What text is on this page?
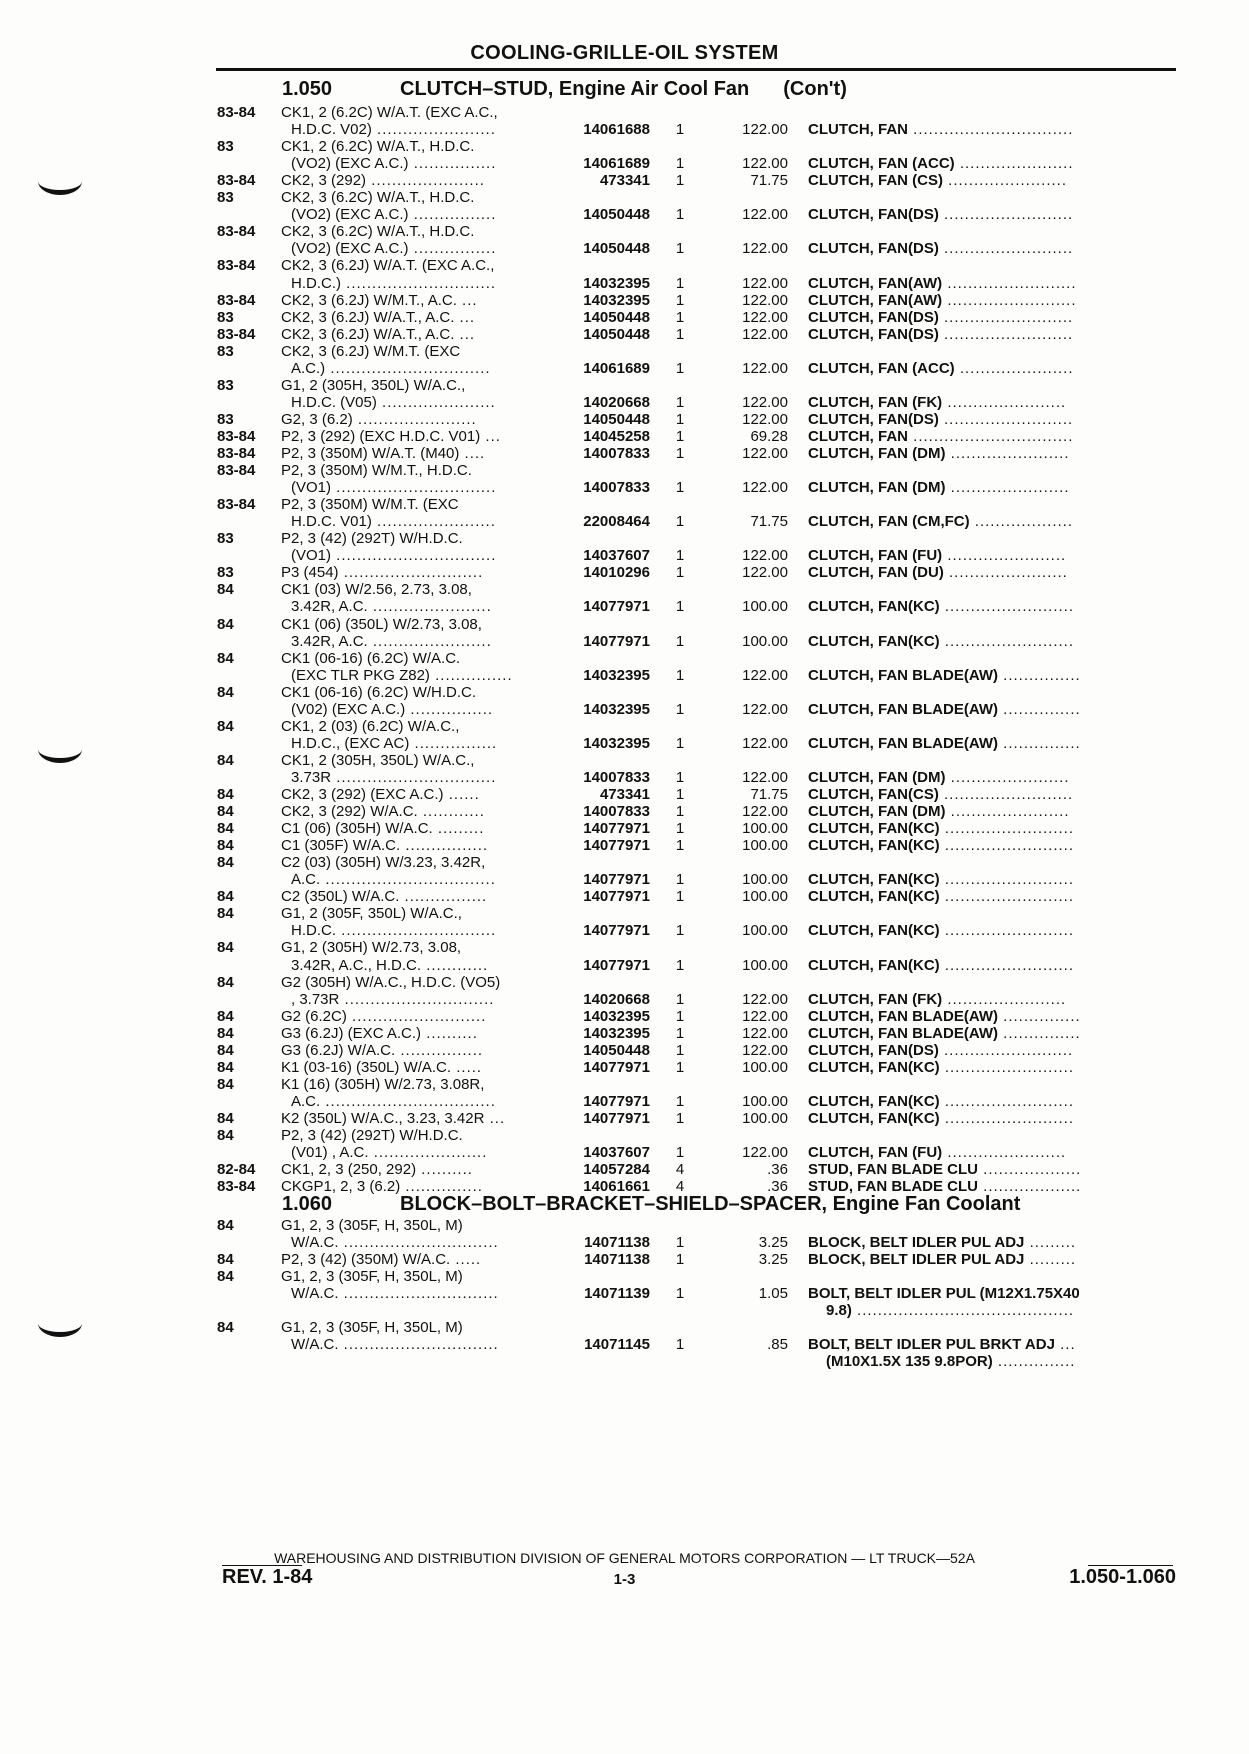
COOLING-GRILLE-OIL SYSTEM
1.050	CLUTCH–STUD, Engine Air Cool Fan (Con't)
83-84 CK1, 2 (6.2C) W/A.T. (EXC A.C.,
H.D.C. V02) .......................	14061688 1	122.00 CLUTCH, FAN ...............................
83	CK1, 2 (6.2C) W/A.T., H.D.C.
(VO2) (EXC A.C.) ................	14061689 1	122.00 CLUTCH, FAN (ACC) ......................
83-84 CK2, 3 (292) ......................	473341 1	71.75 CLUTCH, FAN (CS) .......................
83	CK2, 3 (6.2C) W/A.T., H.D.C.
(VO2) (EXC A.C.) ................	14050448 1	122.00 CLUTCH, FAN(DS) .........................
83-84 CK2, 3 (6.2C) W/A.T., H.D.C.
(VO2) (EXC A.C.) ................	14050448 1	122.00 CLUTCH, FAN(DS) .........................
83-84 CK2, 3 (6.2J) W/A.T. (EXC A.C.,
H.D.C.) .............................	14032395 1	122.00 CLUTCH, FAN(AW) .........................
83-84 CK2, 3 (6.2J) W/M.T., A.C. ...	14032395 1	122.00 CLUTCH, FAN(AW) .........................
83	CK2, 3 (6.2J) W/A.T., A.C. ...	14050448 1	122.00 CLUTCH, FAN(DS) .........................
83-84 CK2, 3 (6.2J) W/A.T., A.C. ...	14050448 1	122.00 CLUTCH, FAN(DS) .........................
83	CK2, 3 (6.2J) W/M.T. (EXC
A.C.) ...............................	14061689 1	122.00 CLUTCH, FAN (ACC) ......................
83	G1, 2 (305H, 350L) W/A.C.,
H.D.C. (V05) ......................	14020668 1	122.00 CLUTCH, FAN (FK) .......................
83	G2, 3 (6.2) .......................	14050448 1	122.00 CLUTCH, FAN(DS) .........................
83-84 P2, 3 (292) (EXC H.D.C. V01) ...	14045258 1	69.28 CLUTCH, FAN ...............................
83-84 P2, 3 (350M) W/A.T. (M40) ....	14007833 1	122.00 CLUTCH, FAN (DM) .......................
83-84 P2, 3 (350M) W/M.T., H.D.C.
(VO1) ...............................	14007833 1	122.00 CLUTCH, FAN (DM) .......................
83-84 P2, 3 (350M) W/M.T. (EXC
H.D.C. V01) .......................	22008464 1	71.75 CLUTCH, FAN (CM,FC) ...................
83	P2, 3 (42) (292T) W/H.D.C.
(VO1) ...............................	14037607 1	122.00 CLUTCH, FAN (FU) .......................
83	P3 (454) ...........................	14010296 1	122.00 CLUTCH, FAN (DU) .......................
84	CK1 (03) W/2.56, 2.73, 3.08,
3.42R, A.C. .......................	14077971 1	100.00 CLUTCH, FAN(KC) .........................
84	CK1 (06) (350L) W/2.73, 3.08,
3.42R, A.C. .......................	14077971 1	100.00 CLUTCH, FAN(KC) .........................
84	CK1 (06-16) (6.2C) W/A.C.
(EXC TLR PKG Z82) ...............	14032395 1	122.00 CLUTCH, FAN BLADE(AW) ...............
84	CK1 (06-16) (6.2C) W/H.D.C.
(V02) (EXC A.C.) ................	14032395 1	122.00 CLUTCH, FAN BLADE(AW) ...............
84	CK1, 2 (03) (6.2C) W/A.C.,
H.D.C., (EXC AC) ................	14032395 1	122.00 CLUTCH, FAN BLADE(AW) ...............
84	CK1, 2 (305H, 350L) W/A.C.,
3.73R ...............................	14007833 1	122.00 CLUTCH, FAN (DM) .......................
84	CK2, 3 (292) (EXC A.C.) ......	473341 1	71.75 CLUTCH, FAN(CS) .........................
84	CK2, 3 (292) W/A.C. ............	14007833 1	122.00 CLUTCH, FAN (DM) .......................
84	C1 (06) (305H) W/A.C. .........	14077971 1	100.00 CLUTCH, FAN(KC) .........................
84	C1 (305F) W/A.C. ................	14077971 1	100.00 CLUTCH, FAN(KC) .........................
84	C2 (03) (305H) W/3.23, 3.42R,
A.C. .................................	14077971 1	100.00 CLUTCH, FAN(KC) .........................
84	C2 (350L) W/A.C. ................	14077971 1	100.00 CLUTCH, FAN(KC) .........................
84	G1, 2 (305F, 350L) W/A.C.,
H.D.C. ..............................	14077971 1	100.00 CLUTCH, FAN(KC) .........................
84	G1, 2 (305H) W/2.73, 3.08,
3.42R, A.C., H.D.C. ............	14077971 1	100.00 CLUTCH, FAN(KC) .........................
84	G2 (305H) W/A.C., H.D.C. (VO5)
, 3.73R .............................	14020668 1	122.00 CLUTCH, FAN (FK) .......................
84	G2 (6.2C) ..........................	14032395 1	122.00 CLUTCH, FAN BLADE(AW) ...............
84	G3 (6.2J) (EXC A.C.) ..........	14032395 1	122.00 CLUTCH, FAN BLADE(AW) ...............
84	G3 (6.2J) W/A.C. ................	14050448 1	122.00 CLUTCH, FAN(DS) .........................
84	K1 (03-16) (350L) W/A.C. .....	14077971 1	100.00 CLUTCH, FAN(KC) .........................
84	K1 (16) (305H) W/2.73, 3.08R,
A.C. .................................	14077971 1	100.00 CLUTCH, FAN(KC) .........................
84	K2 (350L) W/A.C., 3.23, 3.42R ...	14077971 1	100.00 CLUTCH, FAN(KC) .........................
84	P2, 3 (42) (292T) W/H.D.C.
(V01) , A.C. ......................	14037607 1	122.00 CLUTCH, FAN (FU) .......................
82-84 CK1, 2, 3 (250, 292) ..........	14057284 4	.36 STUD, FAN BLADE CLU ...................
83-84 CKGP1, 2, 3 (6.2) ...............	14061661 4	.36 STUD, FAN BLADE CLU ...................
1.060	BLOCK–BOLT–BRACKET–SHIELD–SPACER, Engine Fan Coolant
84	G1, 2, 3 (305F, H, 350L, M)
W/A.C. ..............................	14071138 1	3.25 BLOCK, BELT IDLER PUL ADJ .........
84	P2, 3 (42) (350M) W/A.C. .....	14071138 1	3.25 BLOCK, BELT IDLER PUL ADJ .........
84	G1, 2, 3 (305F, H, 350L, M)
W/A.C. ..............................	14071139 1	1.05 BOLT, BELT IDLER PUL (M12X1.75X40
9.8) ..........................................
84	G1, 2, 3 (305F, H, 350L, M)
W/A.C. ..............................	14071145 1	.85 BOLT, BELT IDLER PUL BRKT ADJ ...
(M10X1.5X 135 9.8POR) ...............
WAREHOUSING AND DISTRIBUTION DIVISION OF GENERAL MOTORS CORPORATION — LT TRUCK—52A
REV. 1-84	1-3	1.050-1.060
